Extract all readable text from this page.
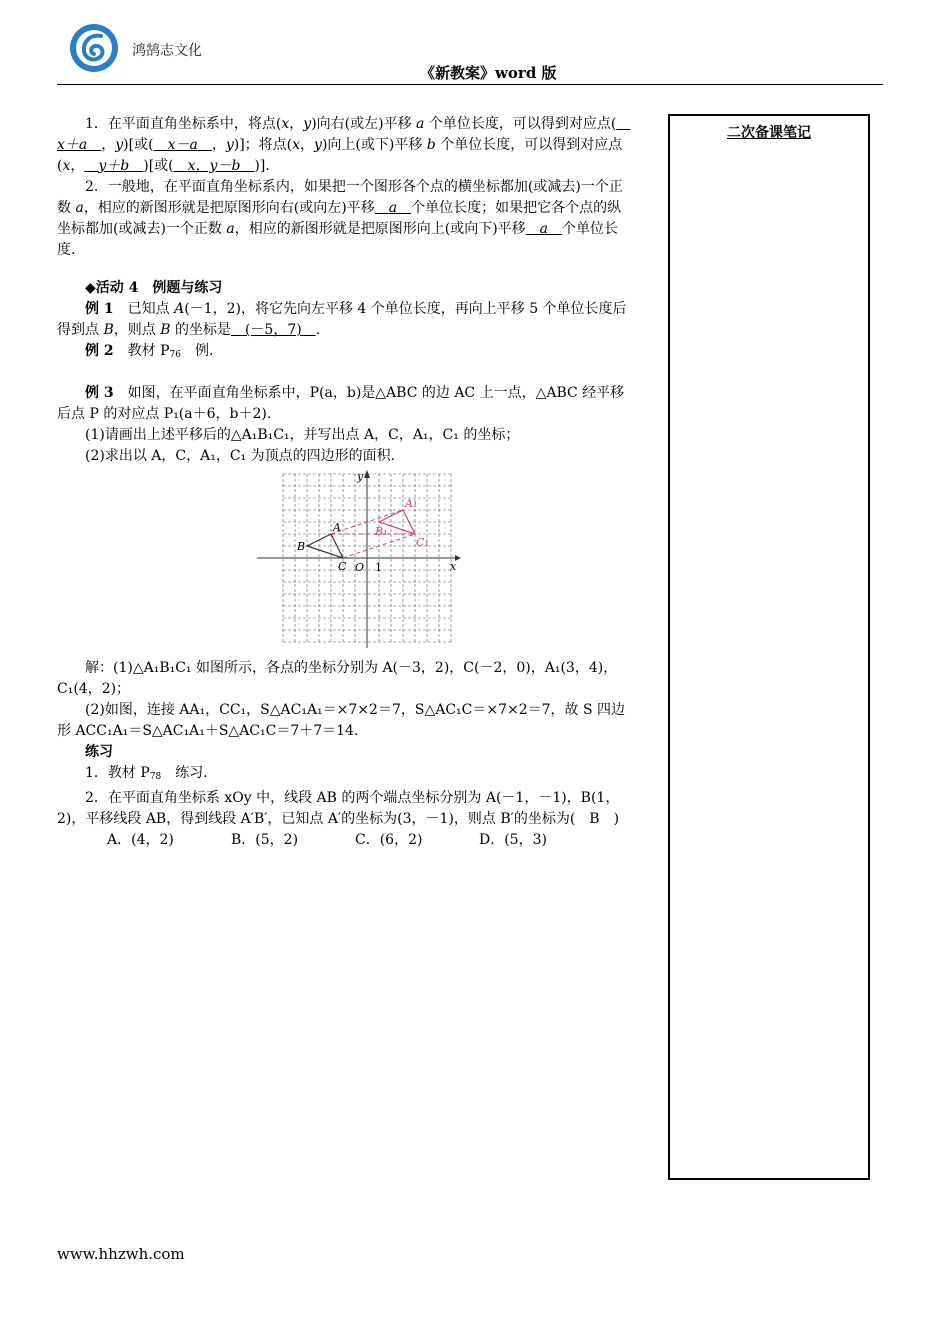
鸿鹄志文化
《新教案》word 版

1．在平面直角坐标系中，将点(x，y)向右(或左)平移 a 个单位长度，可以得到对应点( x＋a  ，y)[或(  x－a  ，y)]；将点(x，y)向上(或下)平移 b 个单位长度，可以得到对应点(x，  y＋b  )[或(  x，y－b  )].

2．一般地，在平面直角坐标系内，如果把一个图形各个点的横坐标都加(或减去)一个正数 a，相应的新图形就是把原图形向右(或向左)平移  a  个单位长度；如果把它各个点的纵坐标都加(或减去)一个正数 a，相应的新图形就是把原图形向上(或向下)平移  a  个单位长度.

◆活动 4　例题与练习

例 1　已知点 A(－1，2)，将它先向左平移 4 个单位长度，再向上平移 5 个单位长度后得到点 B，则点 B 的坐标是  (－5，7)  .

例 2　教材 $P_{76}$　例.

例 3　如图，在平面直角坐标系中，P(a，b)是△ABC 的边 AC 上一点，△ABC 经平移后点 P 的对应点 P₁(a＋6，b＋2).

(1)请画出上述平移后的△A₁B₁C₁，并写出点 A，C，A₁，C₁ 的坐标；

(2)求出以 A，C，A₁，C₁ 为顶点的四边形的面积.

x
y
O 1
A
B
C
A₁
B₁
C₁

解：(1)△A₁B₁C₁ 如图所示，各点的坐标分别为 A(－3，2)，C(－2，0)，A₁(3，4)，C₁(4，2)；

(2)如图，连接 AA₁，CC₁，S△AC₁A₁＝×7×2＝7，S△AC₁C＝×7×2＝7，故 S 四边形 ACC₁A₁＝S△AC₁A₁＋S△AC₁C＝7＋7＝14.

练习

1．教材 $P_{78}$　练习.

2．在平面直角坐标系 xOy 中，线段 AB 的两个端点坐标分别为 A(－1，－1)，B(1，2)，平移线段 AB，得到线段 A′B′，已知点 A′的坐标为(3，－1)，则点 B′的坐标为(　B　)

A．(4，2)	B．(5，2)	C．(6，2)	D．(5，3)
二次备课笔记
www.hhzwh.com
